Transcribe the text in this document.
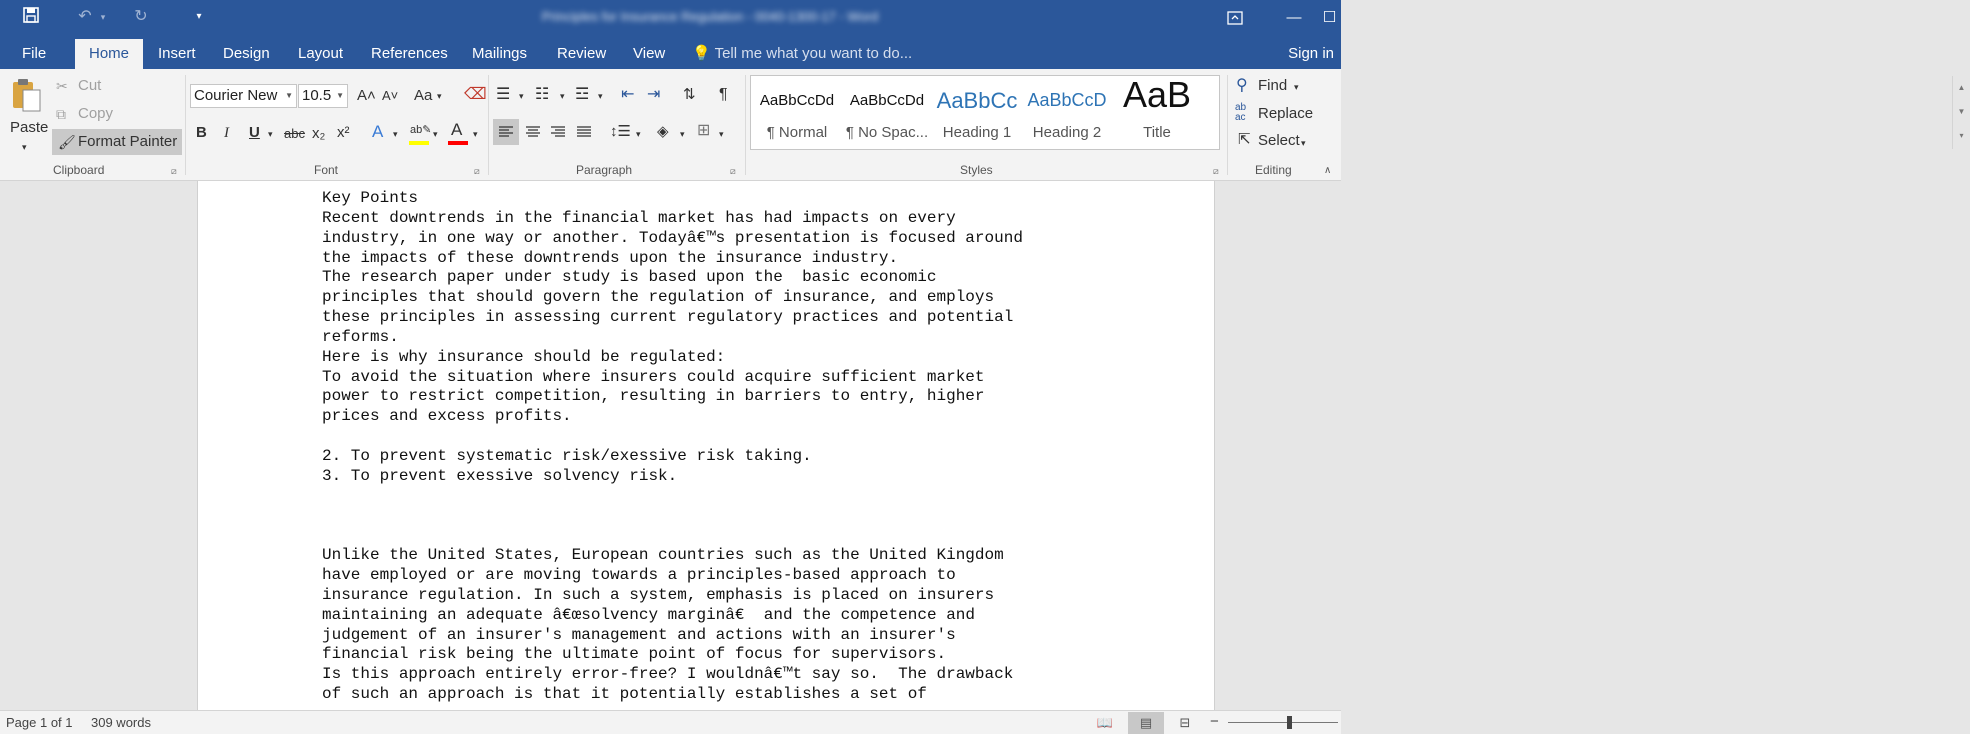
↶	▾	↻	▾	Principles for Insurance Regulation - 0040-1300-17 - Word	—	☐
File	Home	Insert	Design	Layout	References	Mailings	Review	View	💡 Tell me what you want to do...	Sign in
Paste
▾
✂ Cut
⧉ Copy
🖌 Format Painter
Clipboard	⧄
Courier New ▼ 10.5 ▼ A˄ A˅ Aa ▾ ⌫
B I U ▾ abc x₂ x² A ▾ ab✎ ▾ A ▾
Font	⧄
☰ ▾ ☷ ▾ ☲ ▾ ⇤ ⇥ ⇅ ¶
↕☰ ▾ ◈ ▾ ⊞ ▾
Paragraph	⧄
AaBbCcDd
¶ Normal
AaBbCcDd
¶ No Spac...
AaBbCc
Heading 1
AaBbCcD
Heading 2
AaB
Title
▲
▼
▾
Styles	⧄
⚲ Find ▾
ab
ac Replace
⇱ Select ▾
Editing	∧
Key Points
Recent downtrends in the financial market has had impacts on every
industry, in one way or another. Todayâ€™s presentation is focused around
the impacts of these downtrends upon the insurance industry.
The research paper under study is based upon the  basic economic
principles that should govern the regulation of insurance, and employs
these principles in assessing current regulatory practices and potential
reforms.
Here is why insurance should be regulated:
To avoid the situation where insurers could acquire sufficient market
power to restrict competition, resulting in barriers to entry, higher
prices and excess profits.

2. To prevent systematic risk/exessive risk taking.
3. To prevent exessive solvency risk.

Unlike the United States, European countries such as the United Kingdom
have employed or are moving towards a principles-based approach to
insurance regulation. In such a system, emphasis is placed on insurers
maintaining an adequate â€œsolvency marginâ€ and the competence and
judgement of an insurer's management and actions with an insurer's
financial risk being the ultimate point of focus for supervisors.
Is this approach entirely error-free? I wouldnâ€™t say so.  The drawback
of such an approach is that it potentially establishes a set of
Page 1 of 1 309 words	📖	▤	⊟	−
